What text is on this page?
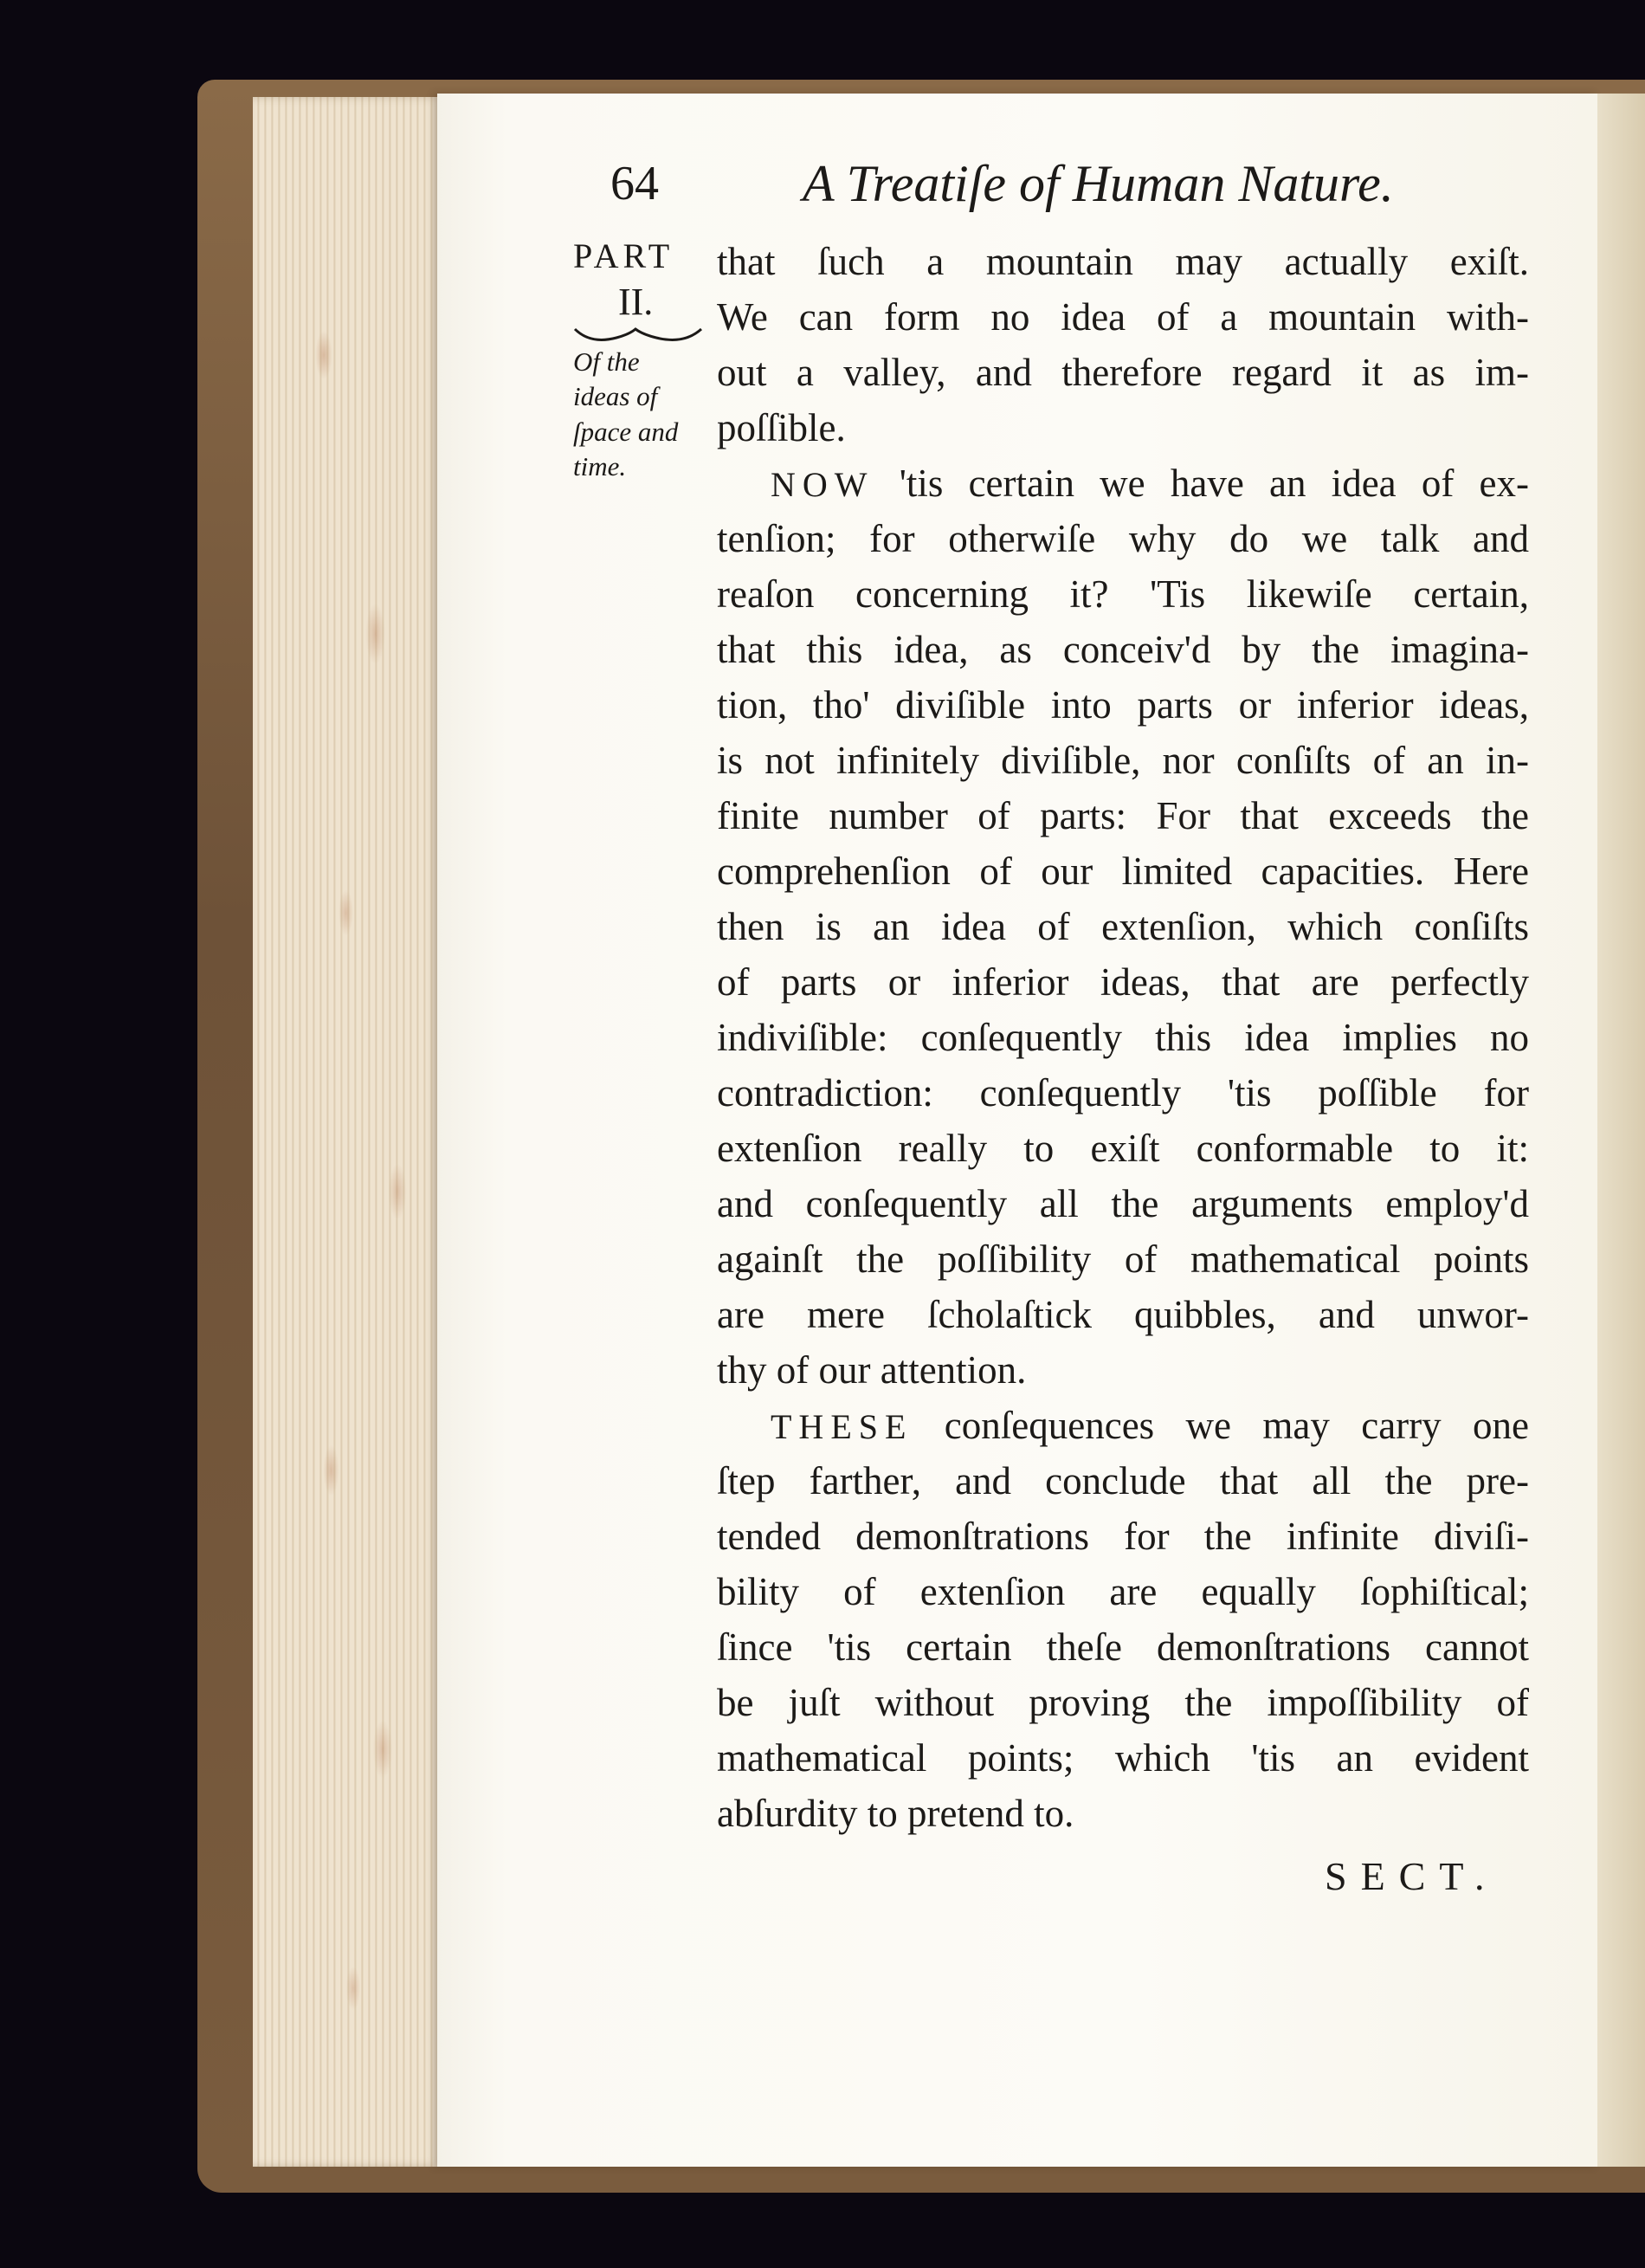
64	A Treatiſe of Human Nature.
PART
II.
Of the
ideas of
ſpace and
time.
that ſuch a mountain may actually exiſt.
We can form no idea of a mountain with-
out a valley, and therefore regard it as im-
poſſible.
NOW 'tis certain we have an idea of ex-
tenſion; for otherwiſe why do we talk and
reaſon concerning it? 'Tis likewiſe certain,
that this idea, as conceiv'd by the imagina-
tion, tho' diviſible into parts or inferior ideas,
is not infinitely diviſible, nor conſiſts of an in-
finite number of parts: For that exceeds the
comprehenſion of our limited capacities. Here
then is an idea of extenſion, which conſiſts
of parts or inferior ideas, that are perfectly
indiviſible: conſequently this idea implies no
contradiction: conſequently 'tis poſſible for
extenſion really to exiſt conformable to it:
and conſequently all the arguments employ'd
againſt the poſſibility of mathematical points
are mere ſcholaſtick quibbles, and unwor-
thy of our attention.
THESE conſequences we may carry one
ſtep farther, and conclude that all the pre-
tended demonſtrations for the infinite diviſi-
bility of extenſion are equally ſophiſtical;
ſince 'tis certain theſe demonſtrations cannot
be juſt without proving the impoſſibility of
mathematical points; which 'tis an evident
abſurdity to pretend to.
SECT.
